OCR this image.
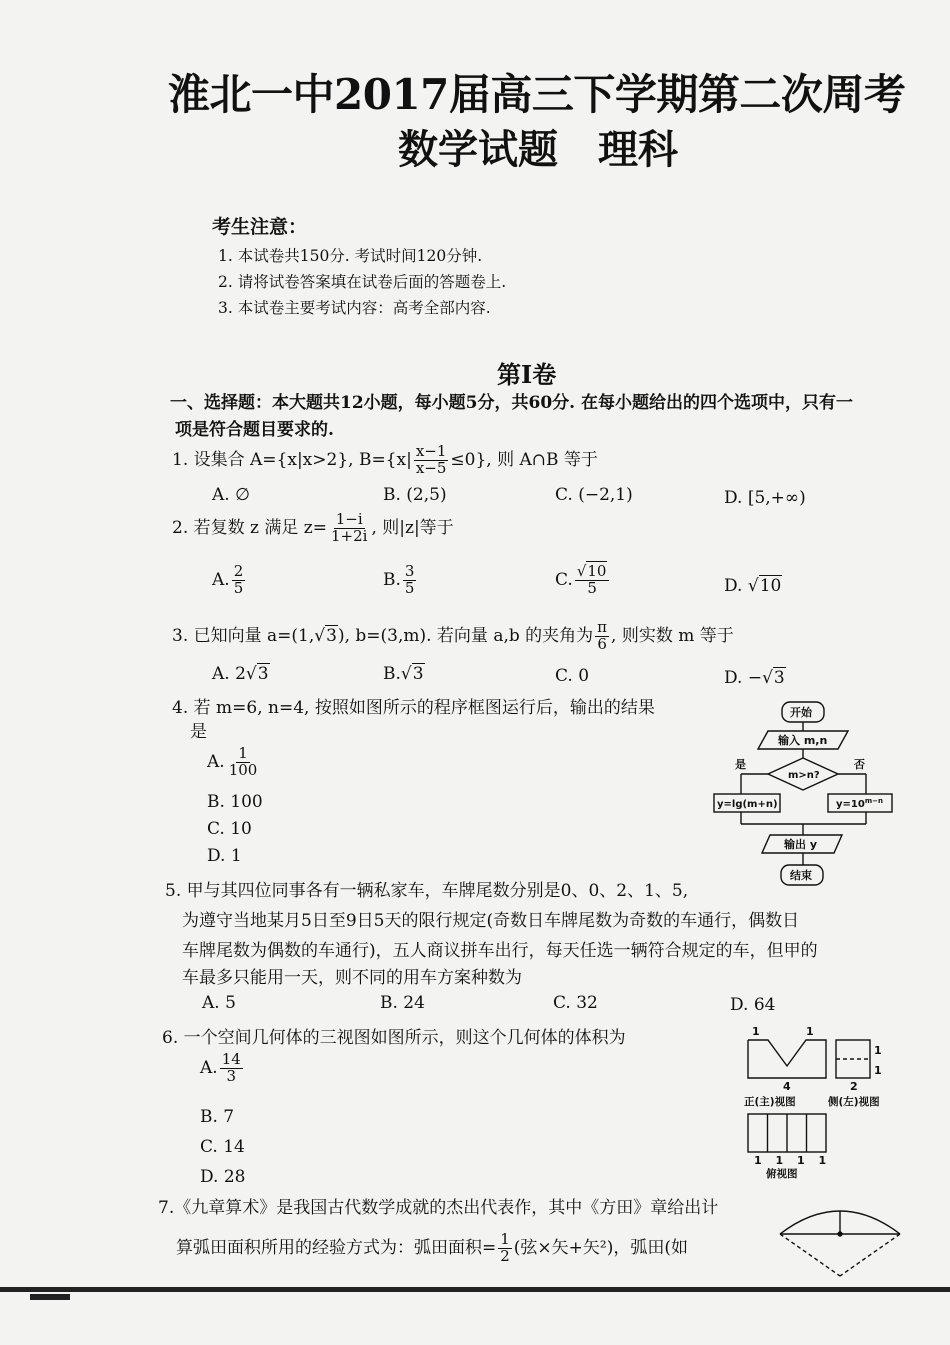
淮北一中2017届高三下学期第二次周考
数学试题 理科
考生注意：
1. 本试卷共150分. 考试时间120分钟.
2. 请将试卷答案填在试卷后面的答题卷上.
3. 本试卷主要考试内容：高考全部内容.
第Ⅰ卷
一、选择题：本大题共12小题，每小题5分，共60分. 在每小题给出的四个选项中，只有一
项是符合题目要求的.
1. 设集合 A={x|x>2}, $B=\{x| \frac{x-1}{x-5} \le 0\}$, 则 A∩B 等于
A. ∅	B. (2,5)	C. (−2,1)	D. [5,+∞)
2. 若复数 z 满足 $z= \frac{1-i}{1+2i}$ , 则|z|等于
A. $\frac{2}{5}$	B. $\frac{3}{5}$	C. $\frac{√10}{5}$	D. √10
3. 已知向量 a=(1,√3), b=(3,m). 若向量 a,b 的夹角为 $\frac{\pi}{6}$ , 则实数 m 等于
A. 2√3	B.√3	C. 0	D. −√3
4. 若 m=6, n=4, 按照如图所示的程序框图运行后，输出的结果
是
A. $\frac{1}{100}$
B. 100
C. 10
D. 1
开始
输入 m,n
m>n?
是	否
y=lg(m+n)	$y=10^{m-n}$
输出 y
结束
5. 甲与其四位同事各有一辆私家车，车牌尾数分别是0、0、2、1、5,
为遵守当地某月5日至9日5天的限行规定(奇数日车牌尾数为奇数的车通行，偶数日
车牌尾数为偶数的车通行)，五人商议拼车出行，每天任选一辆符合规定的车，但甲的
车最多只能用一天，则不同的用车方案种数为
A. 5	B. 24	C. 32	D. 64
6. 一个空间几何体的三视图如图所示，则这个几何体的体积为
A. $\frac{14}{3}$
B. 7
C. 14
D. 28
1	1
4	2
1
1
正(主)视图	侧(左)视图
1 1 1 1
俯视图
7.《九章算术》是我国古代数学成就的杰出代表作，其中《方田》章给出计
算弧田面积所用的经验方式为：弧田面积= $\frac{1}{2}$ (弦×矢+矢²)，弧田(如
